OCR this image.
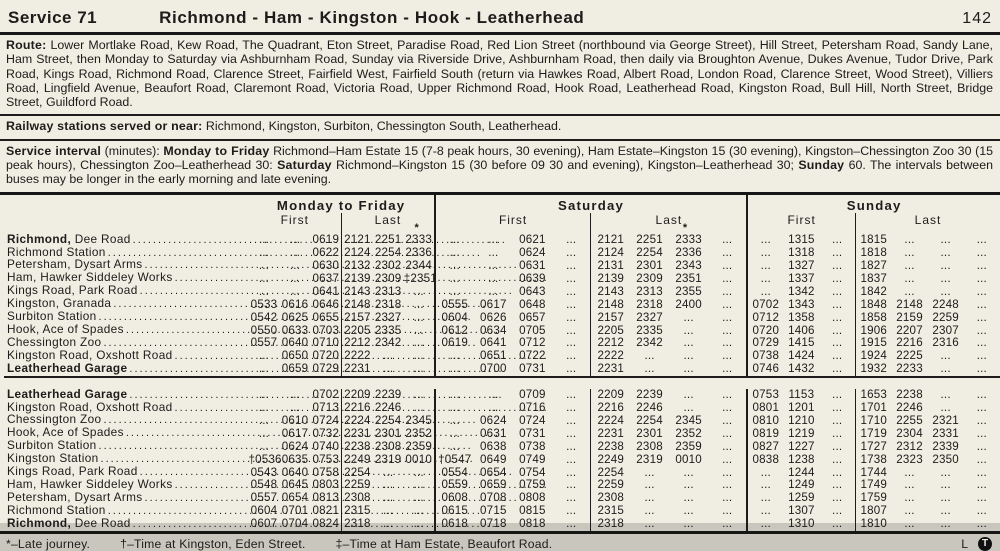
Service 71	Richmond - Ham - Kingston - Hook - Leatherhead	142
Route: Lower Mortlake Road, Kew Road, The Quadrant, Eton Street, Paradise Road, Red Lion Street (northbound via George Street), Hill Street, Petersham Road, Sandy Lane, Ham Street, then Monday to Saturday via Ashburnham Road, Sunday via Riverside Drive, Ashburnham Road, then daily via Broughton Avenue, Dukes Avenue, Tudor Drive, Park Road, Kings Road, Richmond Road, Clarence Street, Fairfield West, Fairfield South (return via Hawkes Road, Albert Road, London Road, Clarence Street, Wood Street), Villiers Road, Lingfield Avenue, Beaufort Road, Claremont Road, Victoria Road, Upper Richmond Road, Hook Road, Leatherhead Road, Kingston Road, Bull Hill, North Street, Bridge Street, Guildford Road.
Railway stations served or near: Richmond, Kingston, Surbiton, Chessington South, Leatherhead.
Service interval (minutes): Monday to Friday Richmond–Ham Estate 15 (7-8 peak hours, 30 evening), Ham Estate–Kingston 15 (30 evening), Kingston–Chessington Zoo 30 (15 peak hours), Chessington Zoo–Leatherhead 30: Saturday Richmond–Kingston 15 (30 before 09 30 and evening), Kingston–Leatherhead 30; Sunday 60. The intervals between buses may be longer in the early morning and late evening.
	Monday to Friday						Saturday								Sunday						
	First			Last
*			First				Last
*				First			Last			

Richmond, Dee Road .....	...	...	0619	2121	2251	2333	...	...	0621	...	2121	2251	2333	...	...	1315	...	1815	...	...	...

Richmond Station .....	...	...	0622	2124	2254	2336	...	...	0624	...	2124	2254	2336	...	...	1318	...	1818	...	...	...

Petersham, Dysart Arms .....	...	...	0630	2132	2302	2344	...	...	0631	...	2131	2301	2343	...	...	1327	...	1827	...	...	...

Ham, Hawker Siddeley Works .....	...	...	0637	2139	2309	‡2351	...	...	0639	...	2139	2309	2351	...	...	1337	...	1837	...	...	...

Kings Road, Park Road .....	...	...	0641	2143	2313	...	...	...	0643	...	2143	2313	2355	...	...	1342	...	1842	...	...	...

Kingston, Granada .....	0533	0616	0646	2148	2318	...	0555	0617	0648	...	2148	2318	2400	...	0702	1343	...	1848	2148	2248	...

Surbiton Station .....	0542	0625	0655	2157	2327	...	0604	0626	0657	...	2157	2327	...	...	0712	1358	...	1858	2159	2259	...

Hook, Ace of Spades .....	0550	0633	0703	2205	2335	...	0612	0634	0705	...	2205	2335	...	...	0720	1406	...	1906	2207	2307	...

Chessington Zoo .....	0557	0640	0710	2212	2342	...	0619	0641	0712	...	2212	2342	...	...	0729	1415	...	1915	2216	2316	...

Kingston Road, Oxshott Road .....	...	0650	0720	2222	...	...	...	0651	0722	...	2222	...	...	...	0738	1424	...	1924	2225	...	...

Leatherhead Garage .....	...	0659	0729	2231	...	...	...	0700	0731	...	2231	...	...	...	0746	1432	...	1932	2233	...	...

Leatherhead Garage .....	...	...	0702	2209	2239	...	...	...	0709	...	2209	2239	...	...	0753	1153	...	1653	2238	...	...

Kingston Road, Oxshott Road .....	...	...	0713	2216	2246	...	...	...	0716	...	2216	2246	...	...	0801	1201	...	1701	2246	...	...

Chessington Zoo .....	...	0610	0724	2224	2254	2345	...	0624	0724	...	2224	2254	2345	...	0810	1210	...	1710	2255	2321	...

Hook, Ace of Spades .....	...	0617	0732	2231	2301	2352	...	0631	0731	...	2231	2301	2352	...	0819	1219	...	1719	2304	2331	...

Surbiton Station .....	...	0624	0740	2238	2308	2359	...	0638	0738	...	2238	2308	2359	...	0827	1227	...	1727	2312	2339	...

Kingston Station .....	†0536	0635	0753	2249	2319	0010	†0547	0649	0749	...	2249	2319	0010	...	0838	1238	...	1738	2323	2350	...

Kings Road, Park Road .....	0543	0640	0758	2254	...	...	0554	0654	0754	...	2254	...	...	...	...	1244	...	1744	...	...	...

Ham, Hawker Siddeley Works .....	0548	0645	0803	2259	...	...	0559	0659	0759	...	2259	...	...	...	...	1249	...	1749	...	...	...

Petersham, Dysart Arms .....	0557	0654	0813	2308	...	...	0608	0708	0808	...	2308	...	...	...	...	1259	...	1759	...	...	...

Richmond Station .....	0604	0701	0821	2315	...	...	0615	0715	0815	...	2315	...	...	...	...	1307	...	1807	...	...	...

Richmond, Dee Road .....	0607	0704	0824	2318	...	...	0618	0718	0818	...	2318	...	...	...	...	1310	...	1810	...	...	...
*–Late journey. †–Time at Kingston, Eden Street. ‡–Time at Ham Estate, Beaufort Road.	L T
